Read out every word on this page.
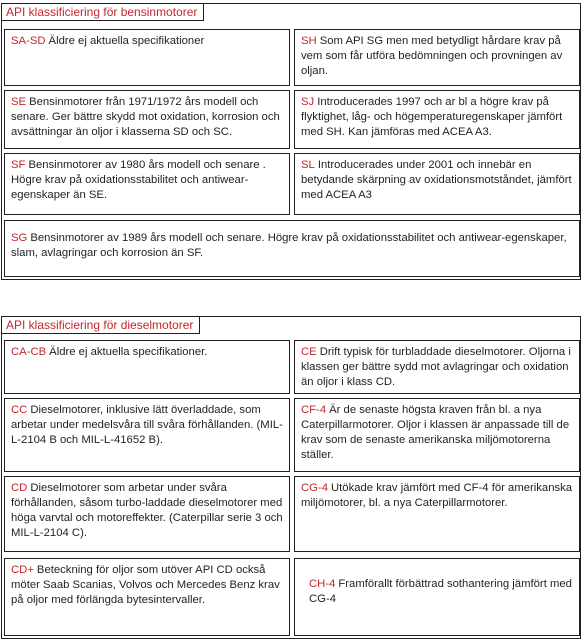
API klassificiering för bensinmotorer
SA-SD Äldre ej aktuella specifikationer	SH Som API SG men med betydligt hårdare krav på vem som får utföra bedömningen och provningen av oljan.
SE Bensinmotorer från 1971/1972 års modell och senare. Ger bättre skydd mot oxidation, korrosion och avsättningar än oljor i klasserna SD och SC.
SJ Introducerades 1997 och ar bl a högre krav på flyktighet, låg- och högemperaturegenskaper jämfört med SH. Kan jämföras med ACEA A3.
SF Bensinmotorer av 1980 års modell och senare . Högre krav på oxidationsstabilitet och antiwear-egenskaper än SE.
SL Introducerades under 2001 och innebär en betydande skärpning av oxidationsmotståndet, jämfört med ACEA A3
SG Bensinmotorer av 1989 års modell och senare. Högre krav på oxidationsstabilitet och antiwear-egenskaper, slam, avlagringar och korrosion än SF.
API klassificiering för dieselmotorer
CA-CB Äldre ej aktuella specifikationer.	CE Drift typisk för turbladdade dieselmotorer. Oljorna i klassen ger bättre sydd mot avlagringar och oxidation än oljor i klass CD.
CC Dieselmotorer, inklusive lätt överladdade, som arbetar under medelsvåra till svåra förhållanden. (MIL-L-2104 B och MIL-L-41652 B).
CF-4 Är de senaste högsta kraven från bl. a nya Caterpillarmotorer. Oljor i klassen är anpassade till de krav som de senaste amerikanska miljömotorerna ställer.
CD Dieselmotorer som arbetar under svåra förhållanden, såsom turbo-laddade dieselmotorer med höga varvtal och motoreffekter. (Caterpillar serie 3 och MIL-L-2104 C).
CG-4 Utökade krav jämfört med CF-4 för amerikanska miljömotorer, bl. a nya Caterpillarmotorer.
CD+ Beteckning för oljor som utöver API CD också möter Saab Scanias, Volvos och Mercedes Benz krav på oljor med förlängda bytesintervaller.
CH-4 Framförallt förbättrad sothantering jämfört med CG-4
